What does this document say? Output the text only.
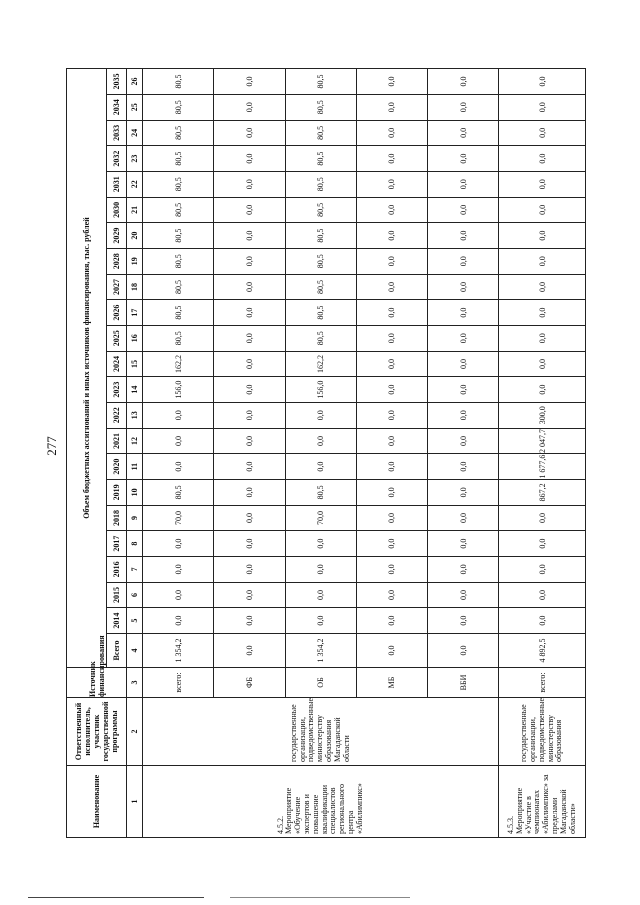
277
Наименование	Ответственный исполнитель, участник государственной программы	Источник финансирования	Объем бюджетных ассигнований и иных источников финансирования, тыс. рублей																						
			Всего	2014	2015	2016	2017	2018	2019	2020	2021	2022	2023	2024	2025	2026	2027	2028	2029	2030	2031	2032	2033	2034	2035
1	2	3	4	5	6	7	8	9	10	11	12	13	14	15	16	17	18	19	20	21	22	23	24	25	26
4.5.2. Мероприятие «Обучение экспертов и повышение квалификации специалистов регионального центра «Абилимпикс»	государственные организации, подведомственные министерству образования Магаданской области	всего:	1 354,2	0,0	0,0	0,0	0,0	70,0	80,5	0,0	0,0	0,0	156,0	162,2	80,5	80,5	80,5	80,5	80,5	80,5	80,5	80,5	80,5	80,5	80,5
		ФБ	0,0	0,0	0,0	0,0	0,0	0,0	0,0	0,0	0,0	0,0	0,0	0,0	0,0	0,0	0,0	0,0	0,0	0,0	0,0	0,0	0,0	0,0	0,0
		ОБ	1 354,2	0,0	0,0	0,0	0,0	70,0	80,5	0,0	0,0	0,0	156,0	162,2	80,5	80,5	80,5	80,5	80,5	80,5	80,5	80,5	80,5	80,5	80,5
		МБ	0,0	0,0	0,0	0,0	0,0	0,0	0,0	0,0	0,0	0,0	0,0	0,0	0,0	0,0	0,0	0,0	0,0	0,0	0,0	0,0	0,0	0,0	0,0
		ВБИ	0,0	0,0	0,0	0,0	0,0	0,0	0,0	0,0	0,0	0,0	0,0	0,0	0,0	0,0	0,0	0,0	0,0	0,0	0,0	0,0	0,0	0,0	0,0
4.5.3. Мероприятие «Участие в чемпионатах «Абилимпикс» за пределами Магаданской области»	государственные организации, подведомственные министерству образования	всего:	4 892,5	0,0	0,0	0,0	0,0	0,0	867,2	1 677,6	2 047,7	300,0	0,0	0,0	0,0	0,0	0,0	0,0	0,0	0,0	0,0	0,0	0,0	0,0	0,0
